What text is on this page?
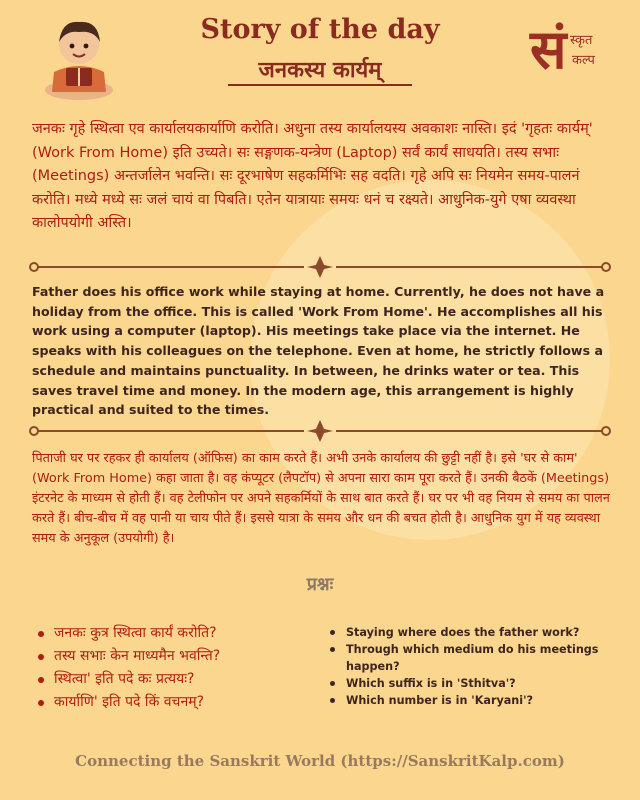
Story of the day
जनकस्य कार्यम्	सं स्कृत
कल्प

जनकः गृहे स्थित्वा एव कार्यालयकार्याणि करोति। अधुना तस्य कार्यालयस्य अवकाशः नास्ति। इदं 'गृहतः कार्यम्' (Work From Home) इति उच्यते। सः सङ्गणक-यन्त्रेण (Laptop) सर्वं कार्यं साधयति। तस्य सभाः (Meetings) अन्तर्जालेन भवन्ति। सः दूरभाषेण सहकर्मिभिः सह वदति। गृहे अपि सः नियमेन समय-पालनं करोति। मध्ये मध्ये सः जलं चायं वा पिबति। एतेन यात्रायाः समयः धनं च रक्ष्यते। आधुनिक-युगे एषा व्यवस्था कालोपयोगी अस्ति।

Father does his office work while staying at home. Currently, he does not have a holiday from the office. This is called 'Work From Home'. He accomplishes all his work using a computer (laptop). His meetings take place via the internet. He speaks with his colleagues on the telephone. Even at home, he strictly follows a schedule and maintains punctuality. In between, he drinks water or tea. This saves travel time and money. In the modern age, this arrangement is highly practical and suited to the times.

पिताजी घर पर रहकर ही कार्यालय (ऑफिस) का काम करते हैं। अभी उनके कार्यालय की छुट्टी नहीं है। इसे 'घर से काम' (Work From Home) कहा जाता है। वह कंप्यूटर (लैपटॉप) से अपना सारा काम पूरा करते हैं। उनकी बैठकें (Meetings) इंटरनेट के माध्यम से होती हैं। वह टेलीफोन पर अपने सहकर्मियों के साथ बात करते हैं। घर पर भी वह नियम से समय का पालन करते हैं। बीच-बीच में वह पानी या चाय पीते हैं। इससे यात्रा के समय और धन की बचत होती है। आधुनिक युग में यह व्यवस्था समय के अनुकूल (उपयोगी) है।

प्रश्नः
जनकः कुत्र स्थित्वा कार्यं करोति?
तस्य सभाः केन माध्यमैन भवन्ति?
स्थित्वा' इति पदे कः प्रत्ययः?
कार्याणि' इति पदे किं वचनम्?
Staying where does the father work?
Through which medium do his meetings happen?
Which suffix is in 'Sthitva'?
Which number is in 'Karyani'?
Connecting the Sanskrit World (https://SanskritKalp.com)
